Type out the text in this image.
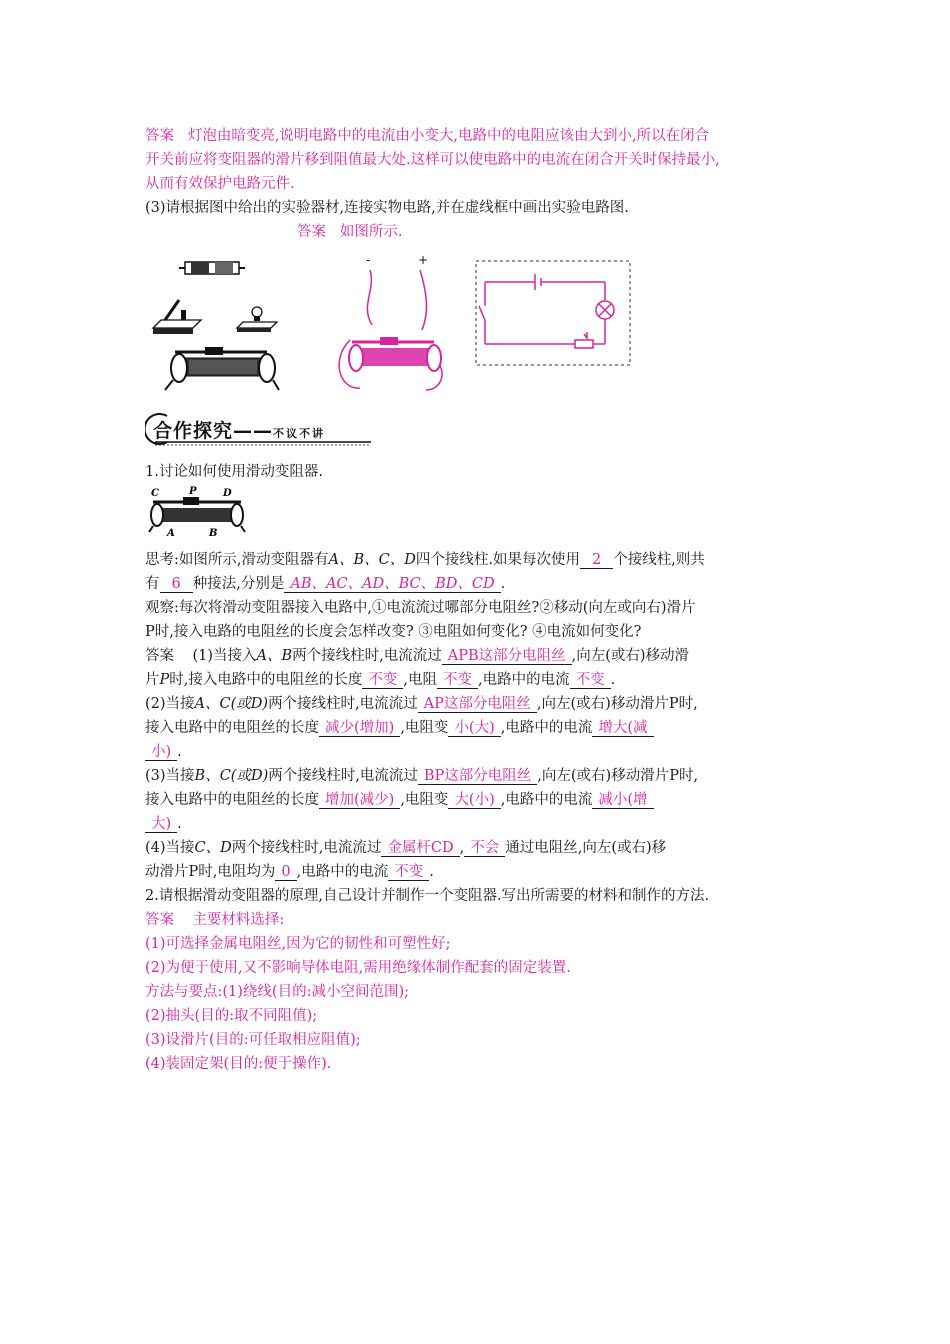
答案 灯泡由暗变亮,说明电路中的电流由小变大,电路中的电阻应该由大到小,所以在闭合
开关前应将变阻器的滑片移到阻值最大处.这样可以使电路中的电流在闭合开关时保持最小,
从而有效保护电路元件.
(3)请根据图中给出的实验器材,连接实物电路,并在虚线框中画出实验电路图.
答案 如图所示.
-	+
合作探究——不议不讲
1.讨论如何使用滑动变阻器.
C	P	D
A	B
思考:如图所示,滑动变阻器有A、B、C、D四个接线柱.如果每次使用 2 个接线柱,则共
有 6 种接法,分别是 AB、AC、AD、BC、BD、CD .
观察:每次将滑动变阻器接入电路中,①电流流过哪部分电阻丝?②移动(向左或向右)滑片
P时,接入电路的电阻丝的长度会怎样改变? ③电阻如何变化? ④电流如何变化?
答案 (1)当接入A、B两个接线柱时,电流流过 APB这部分电阻丝 ,向左(或右)移动滑
片P时,接入电路中的电阻丝的长度 不变 ,电阻 不变 ,电路中的电流 不变 .
(2)当接A、C(或D)两个接线柱时,电流流过 AP这部分电阻丝 ,向左(或右)移动滑片P时,
接入电路中的电阻丝的长度 减少(增加) ,电阻变 小(大) ,电路中的电流 增大(减
小) .
(3)当接B、C(或D)两个接线柱时,电流流过 BP这部分电阻丝 ,向左(或右)移动滑片P时,
接入电路中的电阻丝的长度 增加(减少) ,电阻变 大(小) ,电路中的电流 减小(增
大) .
(4)当接C、D两个接线柱时,电流流过 金属杆CD , 不会 通过电阻丝,向左(或右)移
动滑片P时,电阻均为 0 ,电路中的电流 不变 .
2.请根据滑动变阻器的原理,自己设计并制作一个变阻器.写出所需要的材料和制作的方法.
答案 主要材料选择:
(1)可选择金属电阻丝,因为它的韧性和可塑性好;
(2)为便于使用,又不影响导体电阻,需用绝缘体制作配套的固定装置.
方法与要点:(1)绕线(目的:减小空间范围);
(2)抽头(目的:取不同阻值);
(3)设滑片(目的:可任取相应阻值);
(4)装固定架(目的:便于操作).
